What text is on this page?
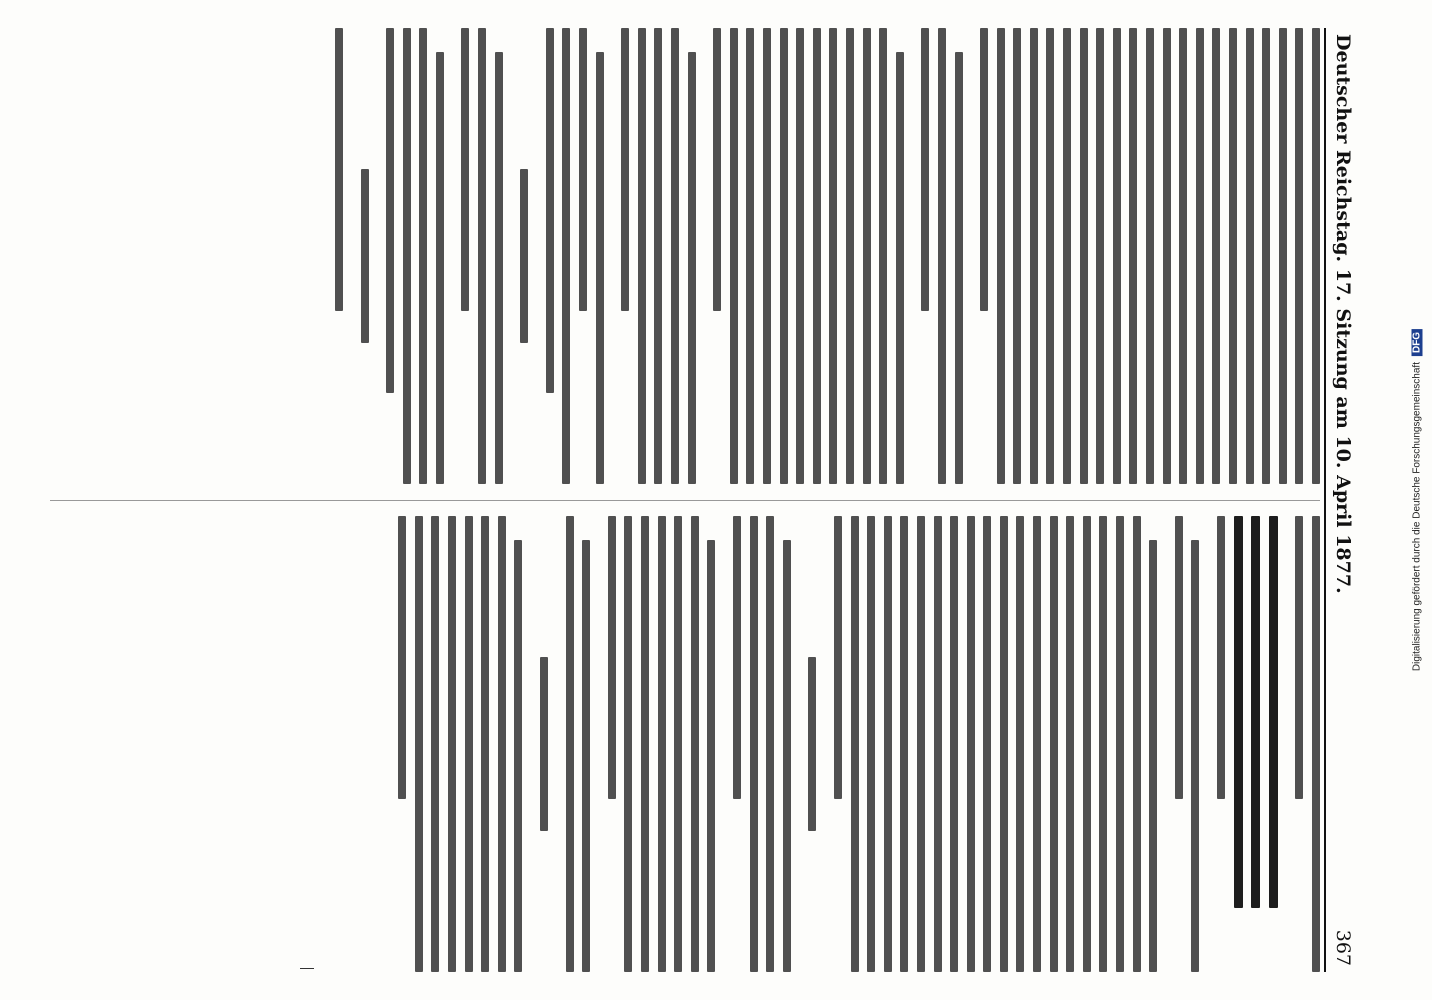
Deutscher Reichstag. 17. Sitzung am 10. April 1877.
367
Digitalisierung gefördert durch die Deutsche ForschungsgemeinschaftDFG
